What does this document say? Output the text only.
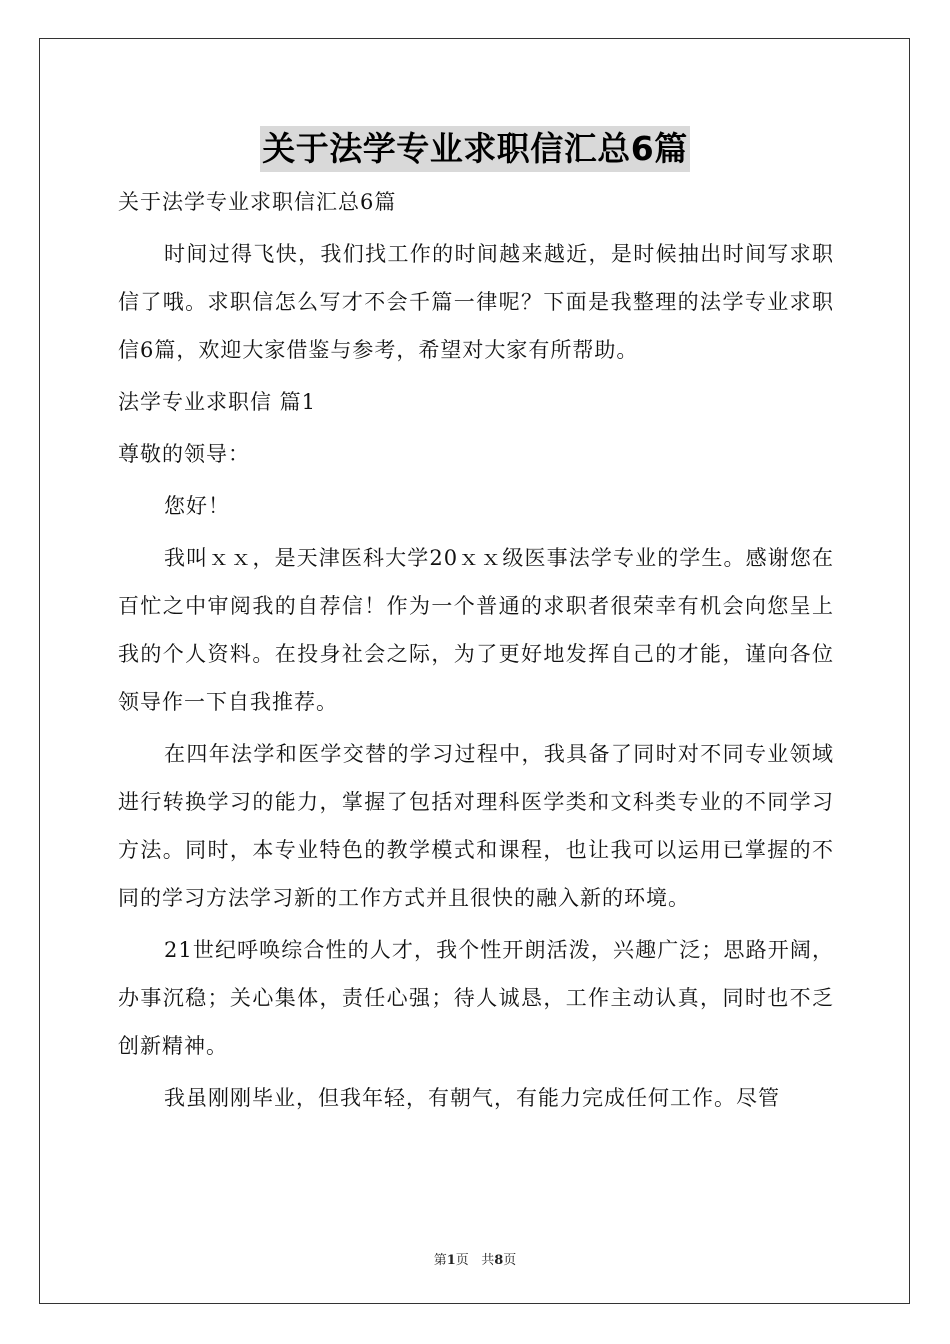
关于法学专业求职信汇总6篇

关于法学专业求职信汇总6篇

时间过得飞快，我们找工作的时间越来越近，是时候抽出时间写求职信了哦。求职信怎么写才不会千篇一律呢？下面是我整理的法学专业求职信6篇，欢迎大家借鉴与参考，希望对大家有所帮助。

法学专业求职信 篇1

尊敬的领导：

您好！

我叫ｘｘ，是天津医科大学20ｘｘ级医事法学专业的学生。感谢您在百忙之中审阅我的自荐信！作为一个普通的求职者很荣幸有机会向您呈上我的个人资料。在投身社会之际，为了更好地发挥自己的才能，谨向各位领导作一下自我推荐。

在四年法学和医学交替的学习过程中，我具备了同时对不同专业领域进行转换学习的能力，掌握了包括对理科医学类和文科类专业的不同学习方法。同时，本专业特色的教学模式和课程，也让我可以运用已掌握的不同的学习方法学习新的工作方式并且很快的融入新的环境。

21世纪呼唤综合性的人才，我个性开朗活泼，兴趣广泛；思路开阔，办事沉稳；关心集体，责任心强；待人诚恳，工作主动认真，同时也不乏创新精神。

我虽刚刚毕业，但我年轻，有朝气，有能力完成任何工作。尽管

第1页 共8页
